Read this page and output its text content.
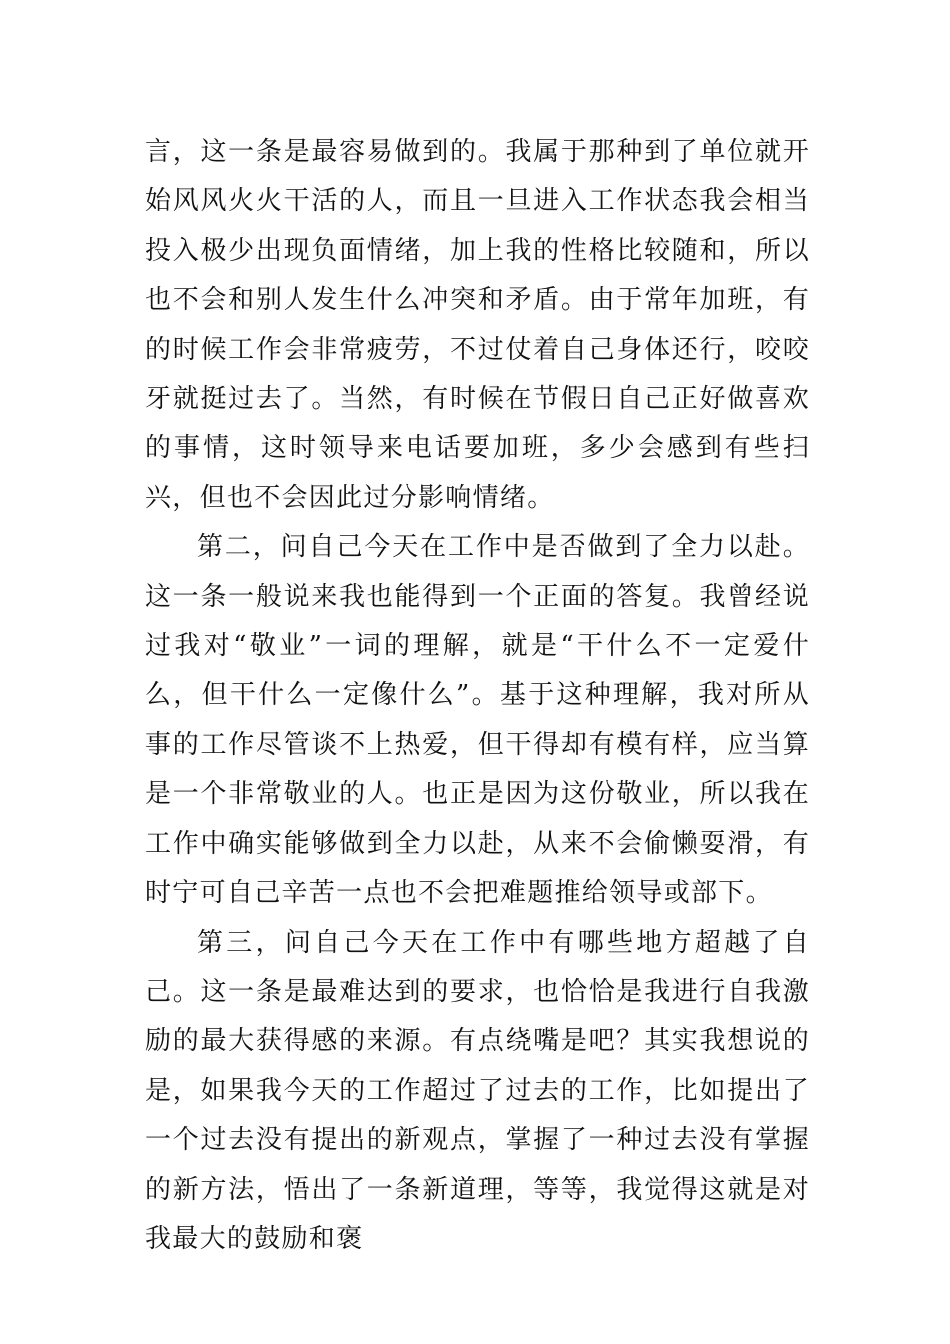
言，这一条是最容易做到的。我属于那种到了单位就开始风风火火干活的人，而且一旦进入工作状态我会相当投入极少出现负面情绪，加上我的性格比较随和，所以也不会和别人发生什么冲突和矛盾。由于常年加班，有的时候工作会非常疲劳，不过仗着自己身体还行，咬咬牙就挺过去了。当然，有时候在节假日自己正好做喜欢的事情，这时领导来电话要加班，多少会感到有些扫兴，但也不会因此过分影响情绪。

第二，问自己今天在工作中是否做到了全力以赴。这一条一般说来我也能得到一个正面的答复。我曾经说过我对“敬业”一词的理解，就是“干什么不一定爱什么，但干什么一定像什么”。基于这种理解，我对所从事的工作尽管谈不上热爱，但干得却有模有样，应当算是一个非常敬业的人。也正是因为这份敬业，所以我在工作中确实能够做到全力以赴，从来不会偷懒耍滑，有时宁可自己辛苦一点也不会把难题推给领导或部下。

第三，问自己今天在工作中有哪些地方超越了自己。这一条是最难达到的要求，也恰恰是我进行自我激励的最大获得感的来源。有点绕嘴是吧？其实我想说的是，如果我今天的工作超过了过去的工作，比如提出了一个过去没有提出的新观点，掌握了一种过去没有掌握的新方法，悟出了一条新道理，等等，我觉得这就是对我最大的鼓励和褒
